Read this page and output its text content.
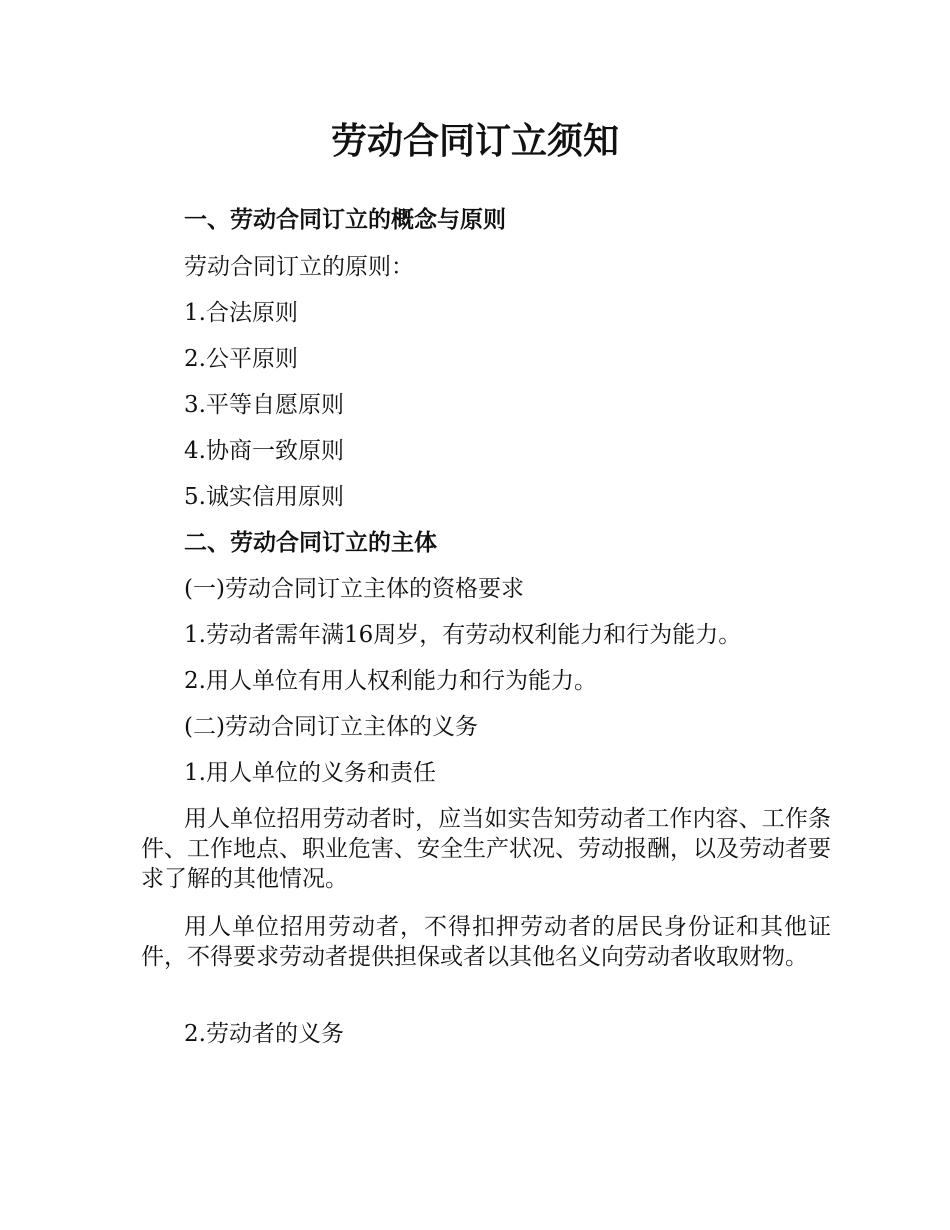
劳动合同订立须知

一、劳动合同订立的概念与原则

劳动合同订立的原则：

1.合法原则

2.公平原则

3.平等自愿原则

4.协商一致原则

5.诚实信用原则

二、劳动合同订立的主体

(一)劳动合同订立主体的资格要求

1.劳动者需年满16周岁，有劳动权利能力和行为能力。

2.用人单位有用人权利能力和行为能力。

(二)劳动合同订立主体的义务

1.用人单位的义务和责任

用人单位招用劳动者时，应当如实告知劳动者工作内容、工作条件、工作地点、职业危害、安全生产状况、劳动报酬，以及劳动者要求了解的其他情况。

用人单位招用劳动者，不得扣押劳动者的居民身份证和其他证件，不得要求劳动者提供担保或者以其他名义向劳动者收取财物。

2.劳动者的义务
